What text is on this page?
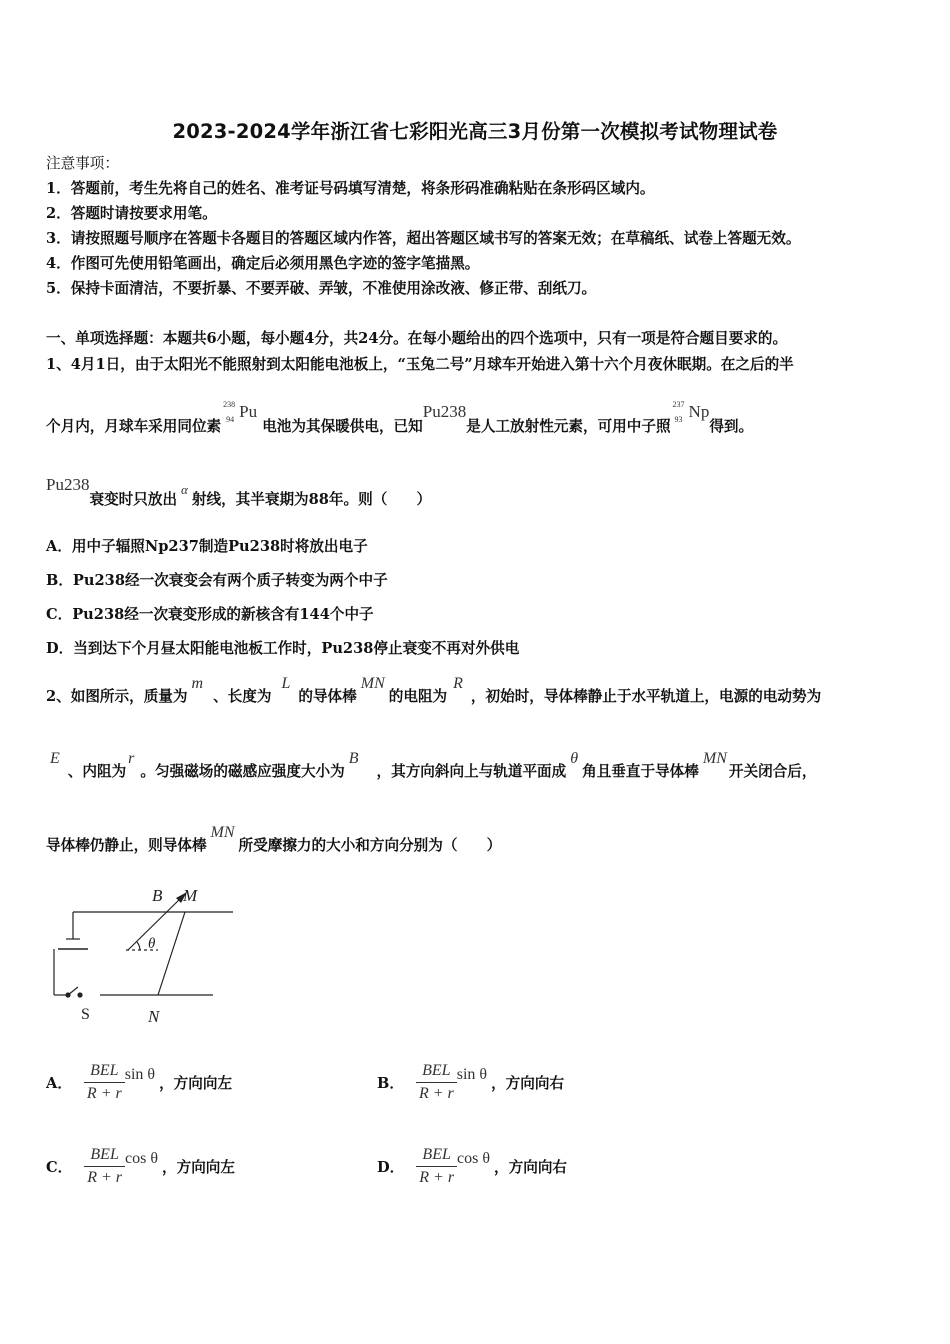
2023-2024学年浙江省七彩阳光高三3月份第一次模拟考试物理试卷
注意事项：
1．答题前，考生先将自己的姓名、准考证号码填写清楚，将条形码准确粘贴在条形码区域内。
2．答题时请按要求用笔。
3．请按照题号顺序在答题卡各题目的答题区域内作答，超出答题区域书写的答案无效；在草稿纸、试卷上答题无效。
4．作图可先使用铅笔画出，确定后必须用黑色字迹的签字笔描黑。
5．保持卡面清洁，不要折暴、不要弄破、弄皱，不准使用涂改液、修正带、刮纸刀。
一、单项选择题：本题共6小题，每小题4分，共24分。在每小题给出的四个选项中，只有一项是符合题目要求的。
1、4月1日，由于太阳光不能照射到太阳能电池板上，“玉兔二号”月球车开始进入第十六个月夜休眠期。在之后的半
个月内，月球车采用同位素
238
94 Pu 电池为其保暖供电，已知Pu238是人工放射性元素，可用中子照
237
93 Np得到。
Pu238衰变时只放出α射线，其半衰期为88年。则（　　）
A．用中子辐照Np237制造Pu238时将放出电子
B．Pu238经一次衰变会有两个质子转变为两个中子
C．Pu238经一次衰变形成的新核含有144个中子
D．当到达下个月昼太阳能电池板工作时，Pu238停止衰变不再对外供电
2、如图所示，质量为m、长度为L的导体棒MN的电阻为R，初始时，导体棒静止于水平轨道上，电源的电动势为
E、内阻为r。匀强磁场的磁感应强度大小为B，其方向斜向上与轨道平面成θ角且垂直于导体棒MN开关闭合后，
导体棒仍静止，则导体棒MN所受摩擦力的大小和方向分别为（　　）
B M
θ
S	N
A． $\frac{\text{BEL}}{R + r}$ sin θ，方向向左	B． $\frac{\text{BEL}}{R + r}$ sin θ，方向向右
C． $\frac{\text{BEL}}{R + r}$ cos θ，方向向左	D． $\frac{\text{BEL}}{R + r}$ cos θ，方向向右
